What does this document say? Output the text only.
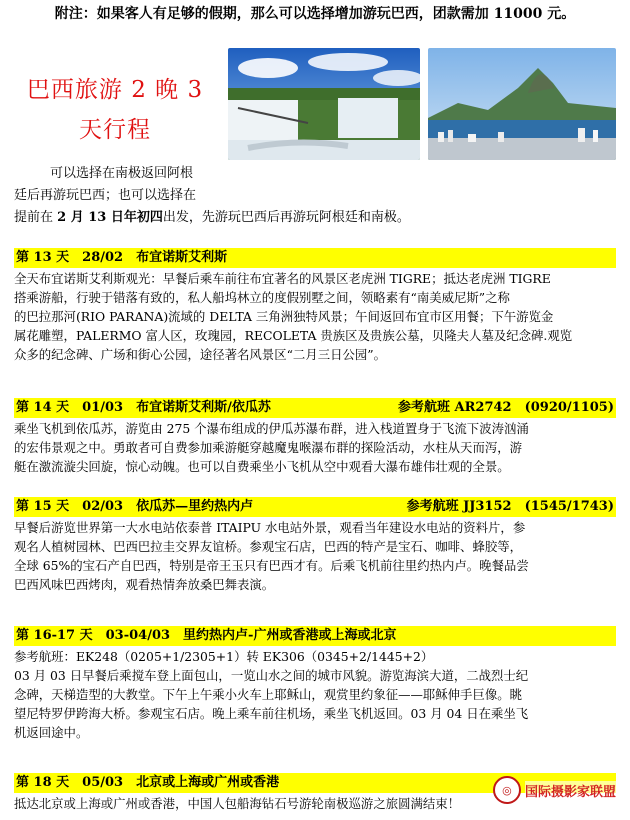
附注：如果客人有足够的假期，那么可以选择增加游玩巴西，团款需加 11000 元。
巴西旅游 2 晚 3
天行程
可以选择在南极返回阿根
廷后再游玩巴西；也可以选择在
提前在 2 月 13 日年初四出发，先游玩巴西后再游玩阿根廷和南极。
第 13 天　28/02　布宜诺斯艾利斯
全天布宜诺斯艾利斯观光：早餐后乘车前往布宜著名的风景区老虎洲 TIGRE；抵达老虎洲 TIGRE
搭乘游船，行驶于错落有致的，私人船坞林立的度假别墅之间，领略素有“南美威尼斯”之称
的巴拉那河(RIO PARANA)流域的 DELTA 三角洲独特风景；午间返回布宜市区用餐；下午游览金
属花雕塑，PALERMO 富人区，玫瑰园，RECOLETA 贵族区及贵族公墓，贝隆夫人墓及纪念碑.观览
众多的纪念碑、广场和街心公园，途径著名风景区“二月三日公园”。
第 14 天　01/03　布宜诺斯艾利斯/依瓜苏	参考航班 AR2742　(0920/1105)
乘坐飞机到依瓜苏，游览由 275 个瀑布组成的伊瓜苏瀑布群，进入栈道置身于飞流下波涛汹涌
的宏伟景观之中。勇敢者可自费参加乘游艇穿越魔鬼喉瀑布群的探险活动，水柱从天而泻，游
艇在激流漩尖回旋，惊心动魄。也可以自费乘坐小飞机从空中观看大瀑布雄伟壮观的全景。
第 15 天　02/03　依瓜苏—里约热内卢	参考航班 JJ3152　(1545/1743)
早餐后游览世界第一大水电站依泰普 ITAIPU 水电站外景，观看当年建设水电站的资料片，参
观名人植树园林、巴西巴拉圭交界友谊桥。参观宝石店，巴西的特产是宝石、咖啡、蜂胶等，
全球 65%的宝石产自巴西，特别是帝王玉只有巴西才有。后乘飞机前往里约热内卢。晚餐品尝
巴西风味巴西烤肉，观看热情奔放桑巴舞表演。
第 16-17 天　03-04/03　里约热内卢-广州或香港或上海或北京
参考航班：EK248（0205+1/2305+1）转 EK306（0345+2/1445+2）
03 月 03 日早餐后乘搅车登上面包山，一览山水之间的城市风貌。游览海滨大道，二战烈士纪
念碑，天梯造型的大教堂。下午上午乘小火车上耶稣山，观赏里约象征——耶稣伸手巨像。眺
望尼特罗伊跨海大桥。参观宝石店。晚上乘车前往机场，乘坐飞机返回。03 月 04 日在乘坐飞
机返回途中。
第 18 天　05/03　北京或上海或广州或香港
抵达北京或上海或广州或香港，中国人包船海钻石号游轮南极巡游之旅圆满结束！
◎	国际摄影家联盟
